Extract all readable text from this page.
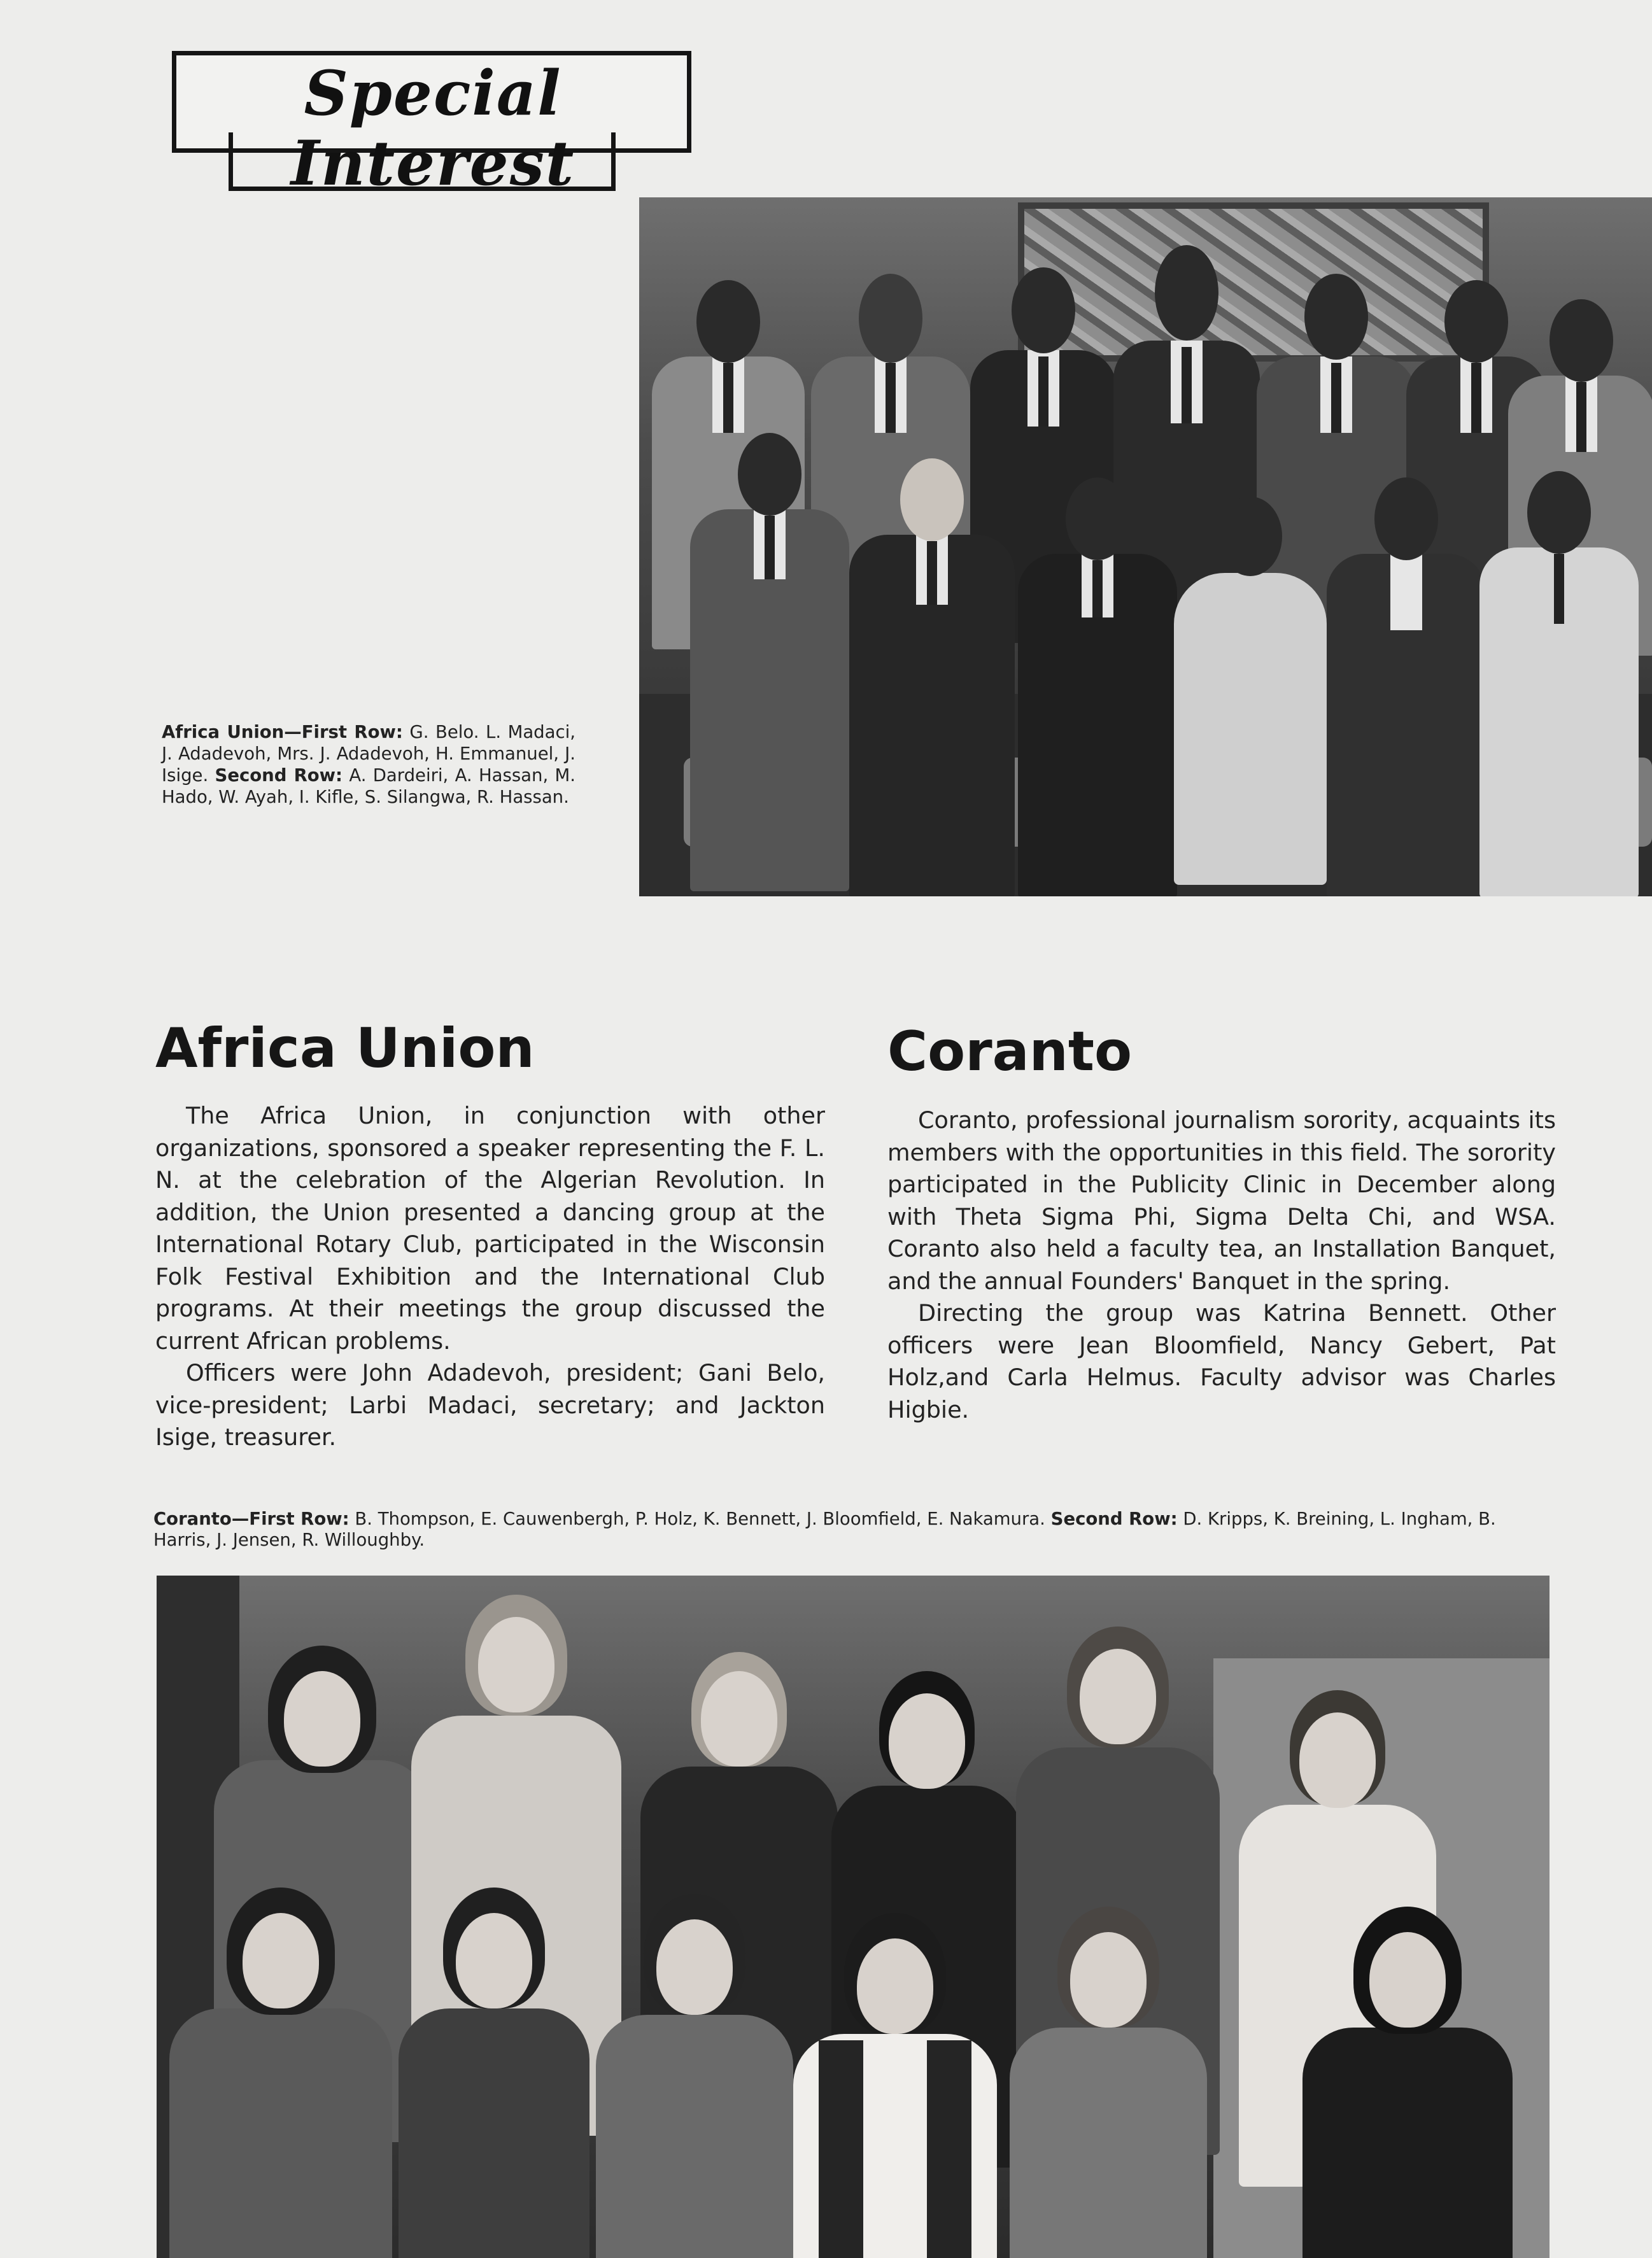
Special Interest
Africa Union—First Row: G. Belo. L. Madaci, J. Adadevoh, Mrs. J. Adadevoh, H. Emmanuel, J. Isige. Second Row: A. Dardeiri, A. Hassan, M. Hado, W. Ayah, I. Kifle, S. Silangwa, R. Hassan.
Africa Union

The Africa Union, in conjunction with other organizations, sponsored a speaker representing the F. L. N. at the celebration of the Algerian Revolution. In addition, the Union presented a dancing group at the International Rotary Club, participated in the Wisconsin Folk Festival Exhibition and the International Club programs. At their meetings the group discussed the current African problems.

Officers were John Adadevoh, president; Gani Belo, vice-president; Larbi Madaci, secretary; and Jackton Isige, treasurer.

Coranto

Coranto, professional journalism sorority, acquaints its members with the opportunities in this field. The sorority participated in the Publicity Clinic in December along with Theta Sigma Phi, Sigma Delta Chi, and WSA. Coranto also held a faculty tea, an Installation Banquet, and the annual Founders' Banquet in the spring.

Directing the group was Katrina Bennett. Other officers were Jean Bloomfield, Nancy Gebert, Pat Holz,and Carla Helmus. Faculty advisor was Charles Higbie.

Coranto—First Row: B. Thompson, E. Cauwenbergh, P. Holz, K. Bennett, J. Bloomfield, E. Nakamura. Second Row: D. Kripps, K. Breining, L. Ingham, B. Harris, J. Jensen, R. Willoughby.
